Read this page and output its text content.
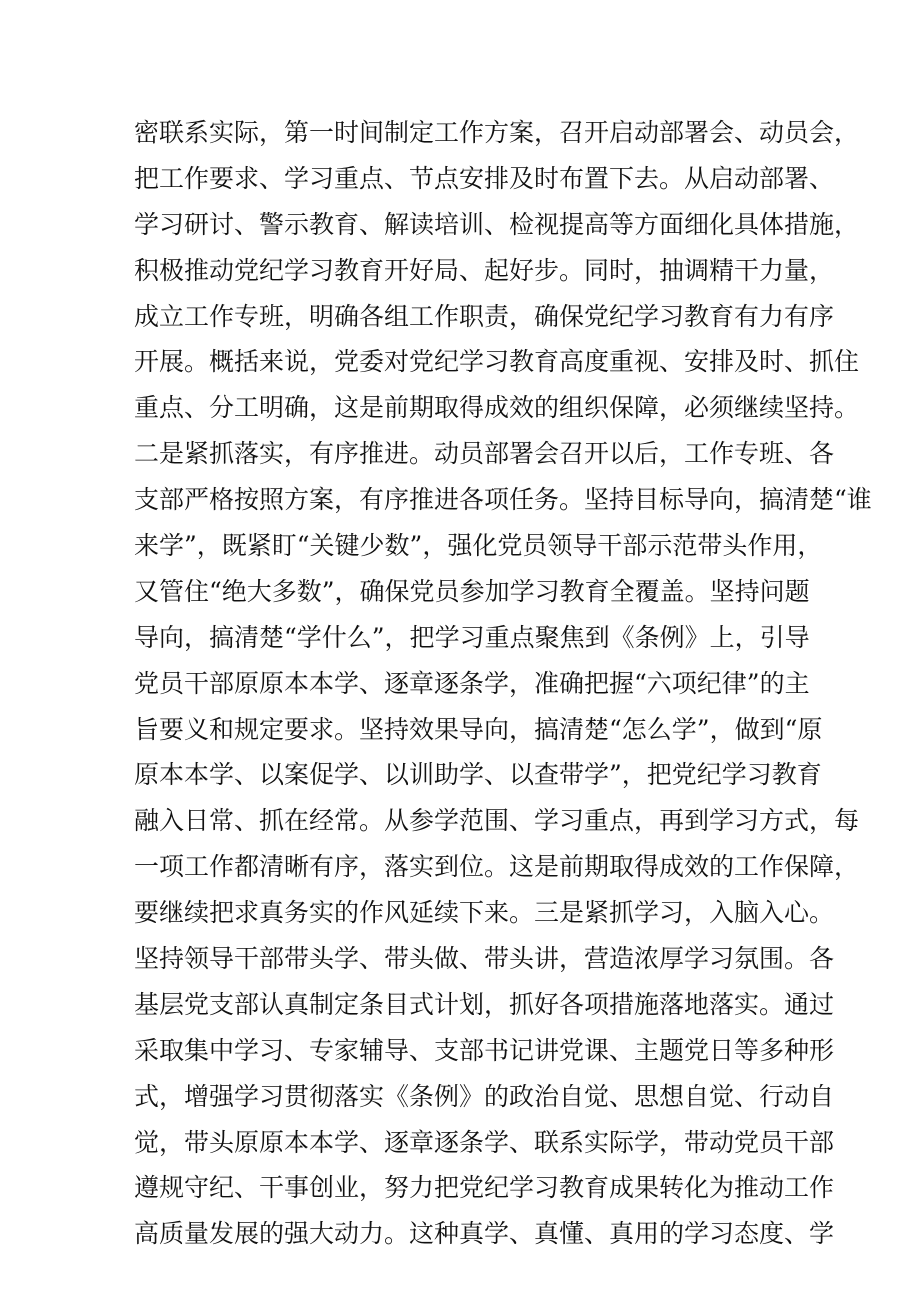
密联系实际，第一时间制定工作方案，召开启动部署会、动员会，
把工作要求、学习重点、节点安排及时布置下去。从启动部署、
学习研讨、警示教育、解读培训、检视提高等方面细化具体措施，
积极推动党纪学习教育开好局、起好步。同时，抽调精干力量，
成立工作专班，明确各组工作职责，确保党纪学习教育有力有序
开展。概括来说，党委对党纪学习教育高度重视、安排及时、抓住
重点、分工明确，这是前期取得成效的组织保障，必须继续坚持。
二是紧抓落实，有序推进。动员部署会召开以后，工作专班、各
支部严格按照方案，有序推进各项任务。坚持目标导向，搞清楚“谁
来学”，既紧盯“关键少数”，强化党员领导干部示范带头作用，
又管住“绝大多数”，确保党员参加学习教育全覆盖。坚持问题
导向，搞清楚“学什么”，把学习重点聚焦到《条例》上，引导
党员干部原原本本学、逐章逐条学，准确把握“六项纪律”的主
旨要义和规定要求。坚持效果导向，搞清楚“怎么学”，做到“原
原本本学、以案促学、以训助学、以查带学”，把党纪学习教育
融入日常、抓在经常。从参学范围、学习重点，再到学习方式，每
一项工作都清晰有序，落实到位。这是前期取得成效的工作保障，
要继续把求真务实的作风延续下来。三是紧抓学习，入脑入心。
坚持领导干部带头学、带头做、带头讲，营造浓厚学习氛围。各
基层党支部认真制定条目式计划，抓好各项措施落地落实。通过
采取集中学习、专家辅导、支部书记讲党课、主题党日等多种形
式，增强学习贯彻落实《条例》的政治自觉、思想自觉、行动自
觉，带头原原本本学、逐章逐条学、联系实际学，带动党员干部
遵规守纪、干事创业，努力把党纪学习教育成果转化为推动工作
高质量发展的强大动力。这种真学、真懂、真用的学习态度、学
